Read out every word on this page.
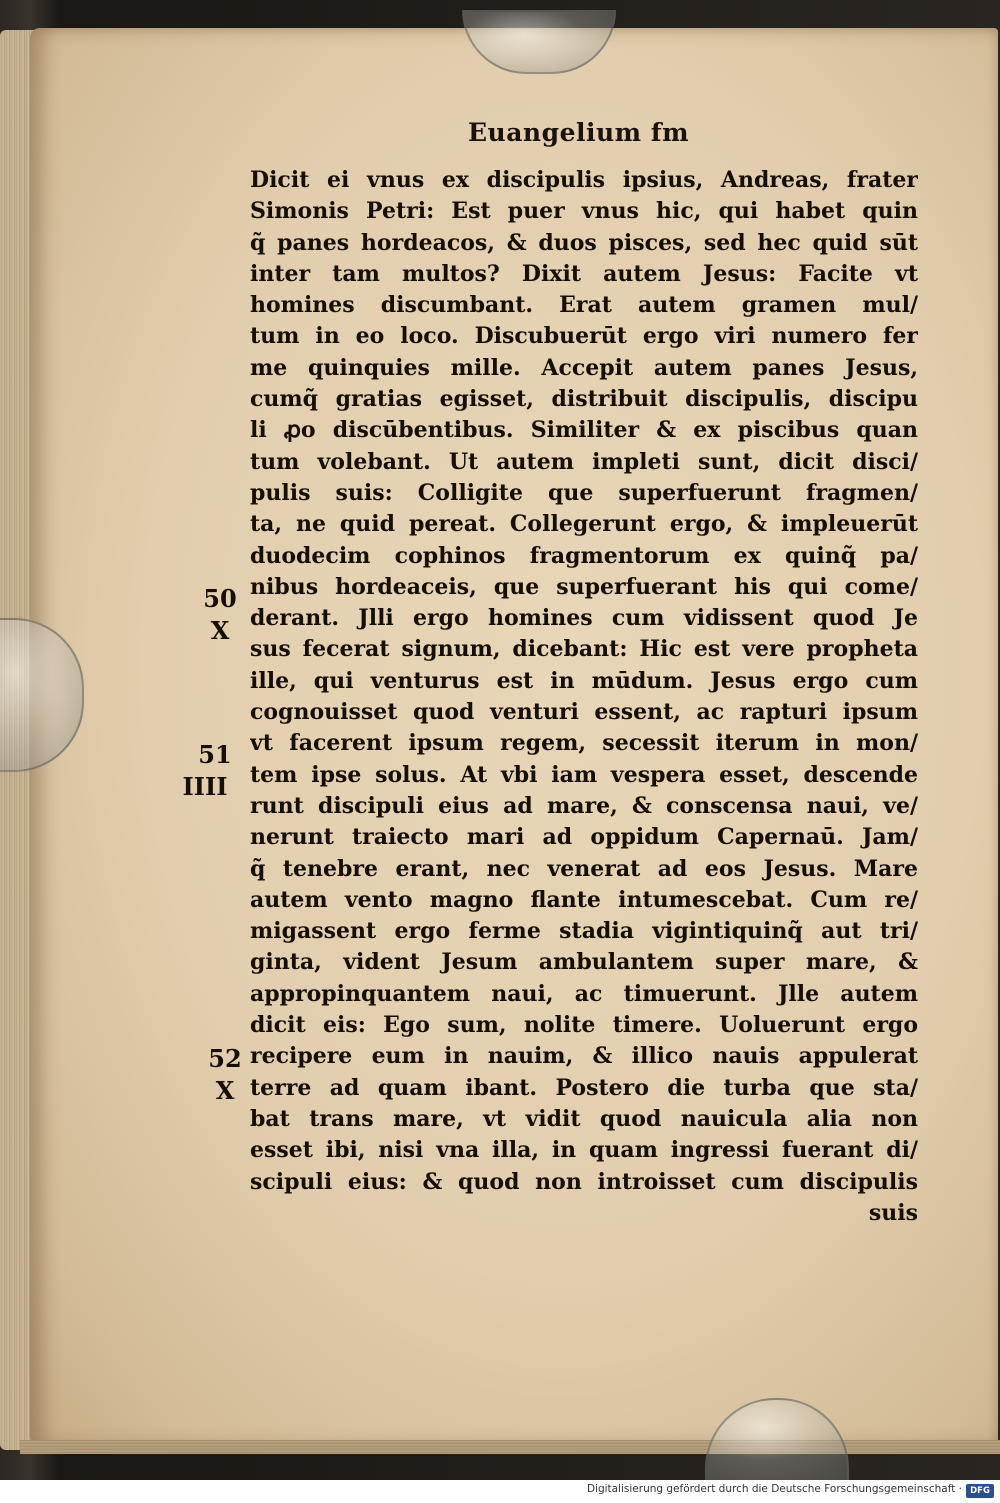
Euangelium fm
Dicit ei vnus ex discipulis ipsius, Andreas, frater
Simonis Petri: Est puer vnus hic, qui habet quin
q̃ panes hordeacos, & duos pisces, sed hec quid sūt
inter tam multos? Dixit autem Jesus: Facite vt
homines discumbant. Erat autem gramen mul/
tum in eo loco. Discubuerūt ergo viri numero fer
me quinquies mille. Accepit autem panes Jesus,
cumq̃ gratias egisset, distribuit discipulis, discipu
li ꝓo discūbentibus. Similiter & ex piscibus quan
tum volebant. Ut autem impleti sunt, dicit disci/
pulis suis: Colligite que superfuerunt fragmen/
ta, ne quid pereat. Collegerunt ergo, & impleuerūt
duodecim cophinos fragmentorum ex quinq̃ pa/
nibus hordeaceis, que superfuerant his qui come/
derant. Jlli ergo homines cum vidissent quod Je
sus fecerat signum, dicebant: Hic est vere propheta
ille, qui venturus est in mūdum. Jesus ergo cum
cognouisset quod venturi essent, ac rapturi ipsum
vt facerent ipsum regem, secessit iterum in mon/
tem ipse solus. At vbi iam vespera esset, descende
runt discipuli eius ad mare, & conscensa naui, ve/
nerunt traiecto mari ad oppidum Capernaū. Jam/
q̃ tenebre erant, nec venerat ad eos Jesus. Mare
autem vento magno flante intumescebat. Cum re/
migassent ergo ferme stadia vigintiquinq̃ aut tri/
ginta, vident Jesum ambulantem super mare, &
appropinquantem naui, ac timuerunt. Jlle autem
dicit eis: Ego sum, nolite timere. Uoluerunt ergo
recipere eum in nauim, & illico nauis appulerat
terre ad quam ibant. Postero die turba que sta/
bat trans mare, vt vidit quod nauicula alia non
esset ibi, nisi vna illa, in quam ingressi fuerant di/
scipuli eius: & quod non introisset cum discipulis
suis
50
X
51
IIII
52
X
Digitalisierung gefördert durch die Deutsche Forschungsgemeinschaft · DFG
